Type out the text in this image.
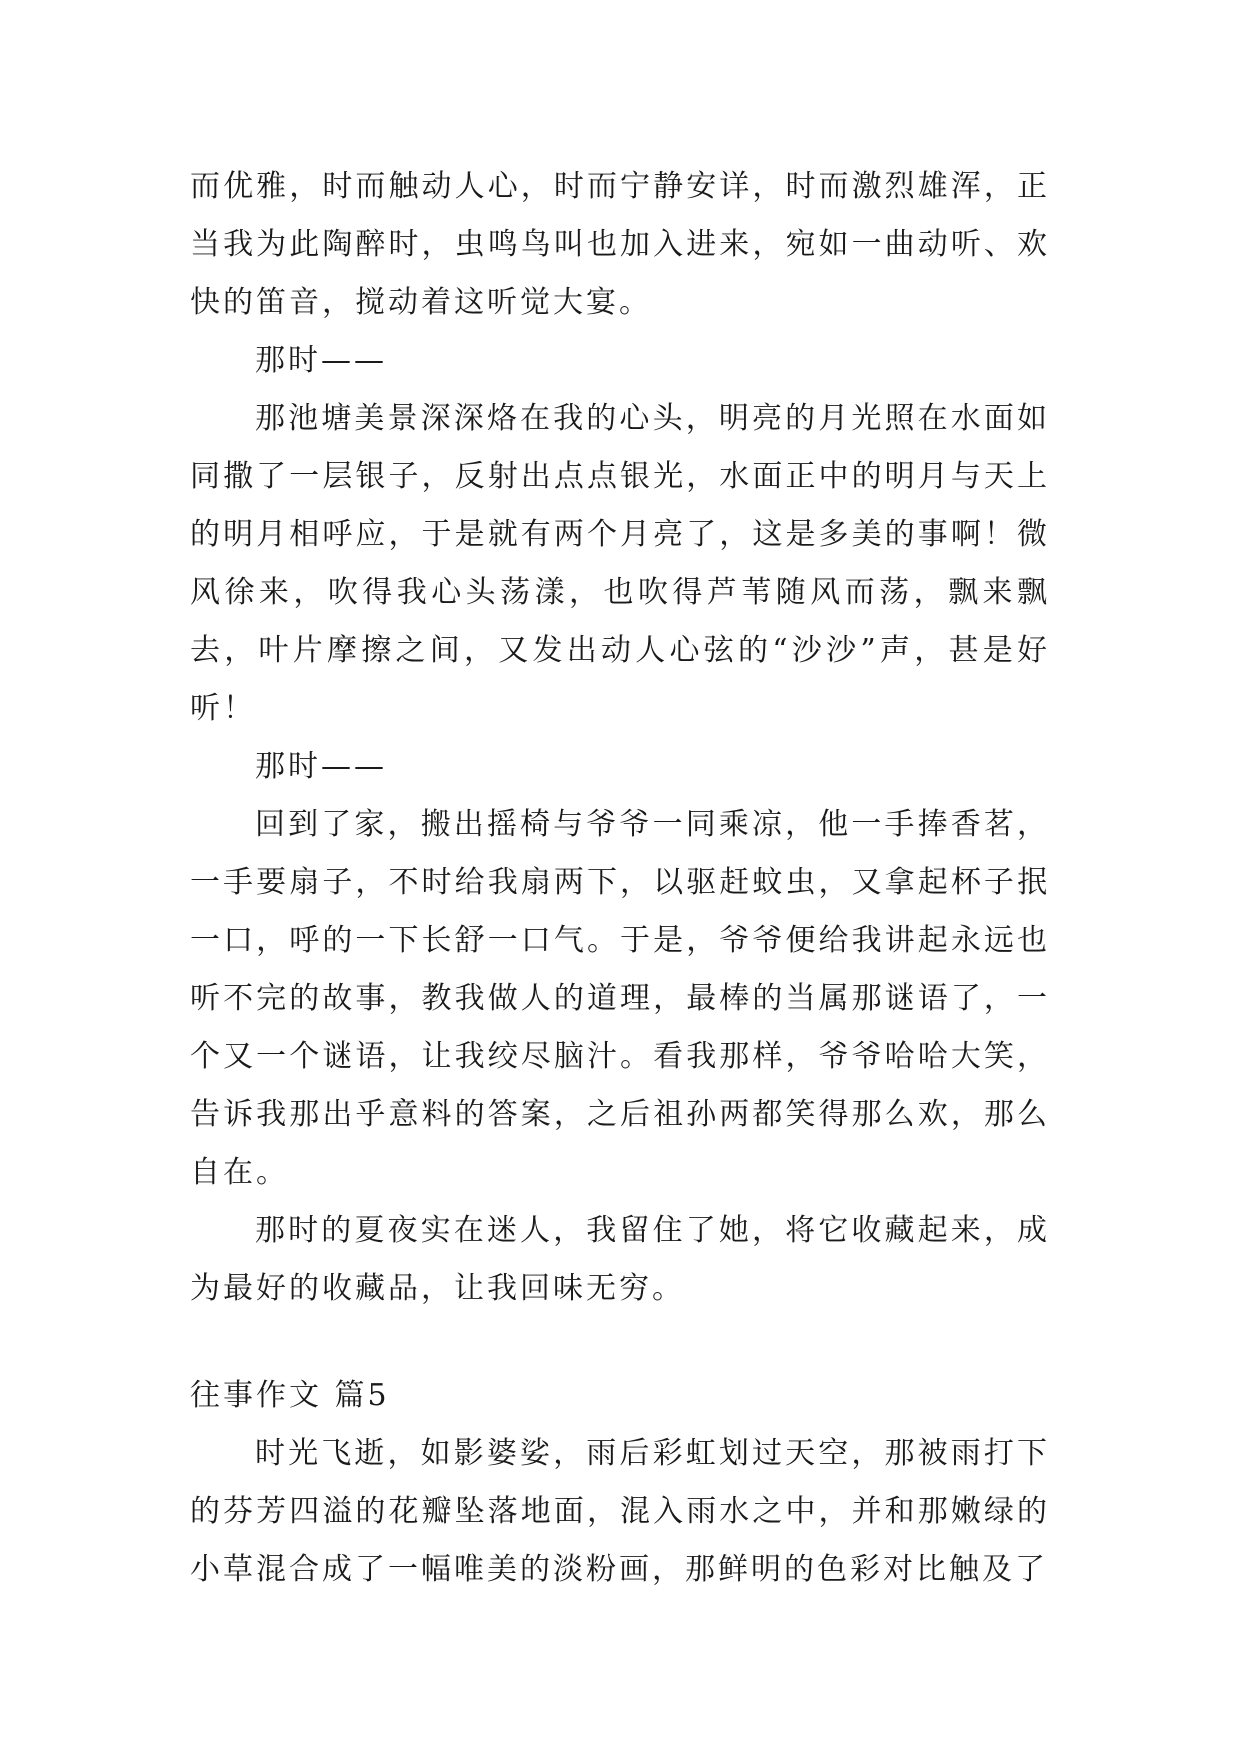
而优雅，时而触动人心，时而宁静安详，时而激烈雄浑，正当我为此陶醉时，虫鸣鸟叫也加入进来，宛如一曲动听、欢快的笛音，搅动着这听觉大宴。

那时——

那池塘美景深深烙在我的心头，明亮的月光照在水面如同撒了一层银子，反射出点点银光，水面正中的明月与天上的明月相呼应，于是就有两个月亮了，这是多美的事啊！微风徐来，吹得我心头荡漾，也吹得芦苇随风而荡，飘来飘去，叶片摩擦之间，又发出动人心弦的“沙沙”声，甚是好听！

那时——

回到了家，搬出摇椅与爷爷一同乘凉，他一手捧香茗，一手要扇子，不时给我扇两下，以驱赶蚊虫，又拿起杯子抿一口，呼的一下长舒一口气。于是，爷爷便给我讲起永远也听不完的故事，教我做人的道理，最棒的当属那谜语了，一个又一个谜语，让我绞尽脑汁。看我那样，爷爷哈哈大笑，告诉我那出乎意料的答案，之后祖孙两都笑得那么欢，那么自在。

那时的夏夜实在迷人，我留住了她，将它收藏起来，成为最好的收藏品，让我回味无穷。

往事作文 篇5

时光飞逝，如影婆娑，雨后彩虹划过天空，那被雨打下的芬芳四溢的花瓣坠落地面，混入雨水之中，并和那嫩绿的小草混合成了一幅唯美的淡粉画，那鲜明的色彩对比触及了
